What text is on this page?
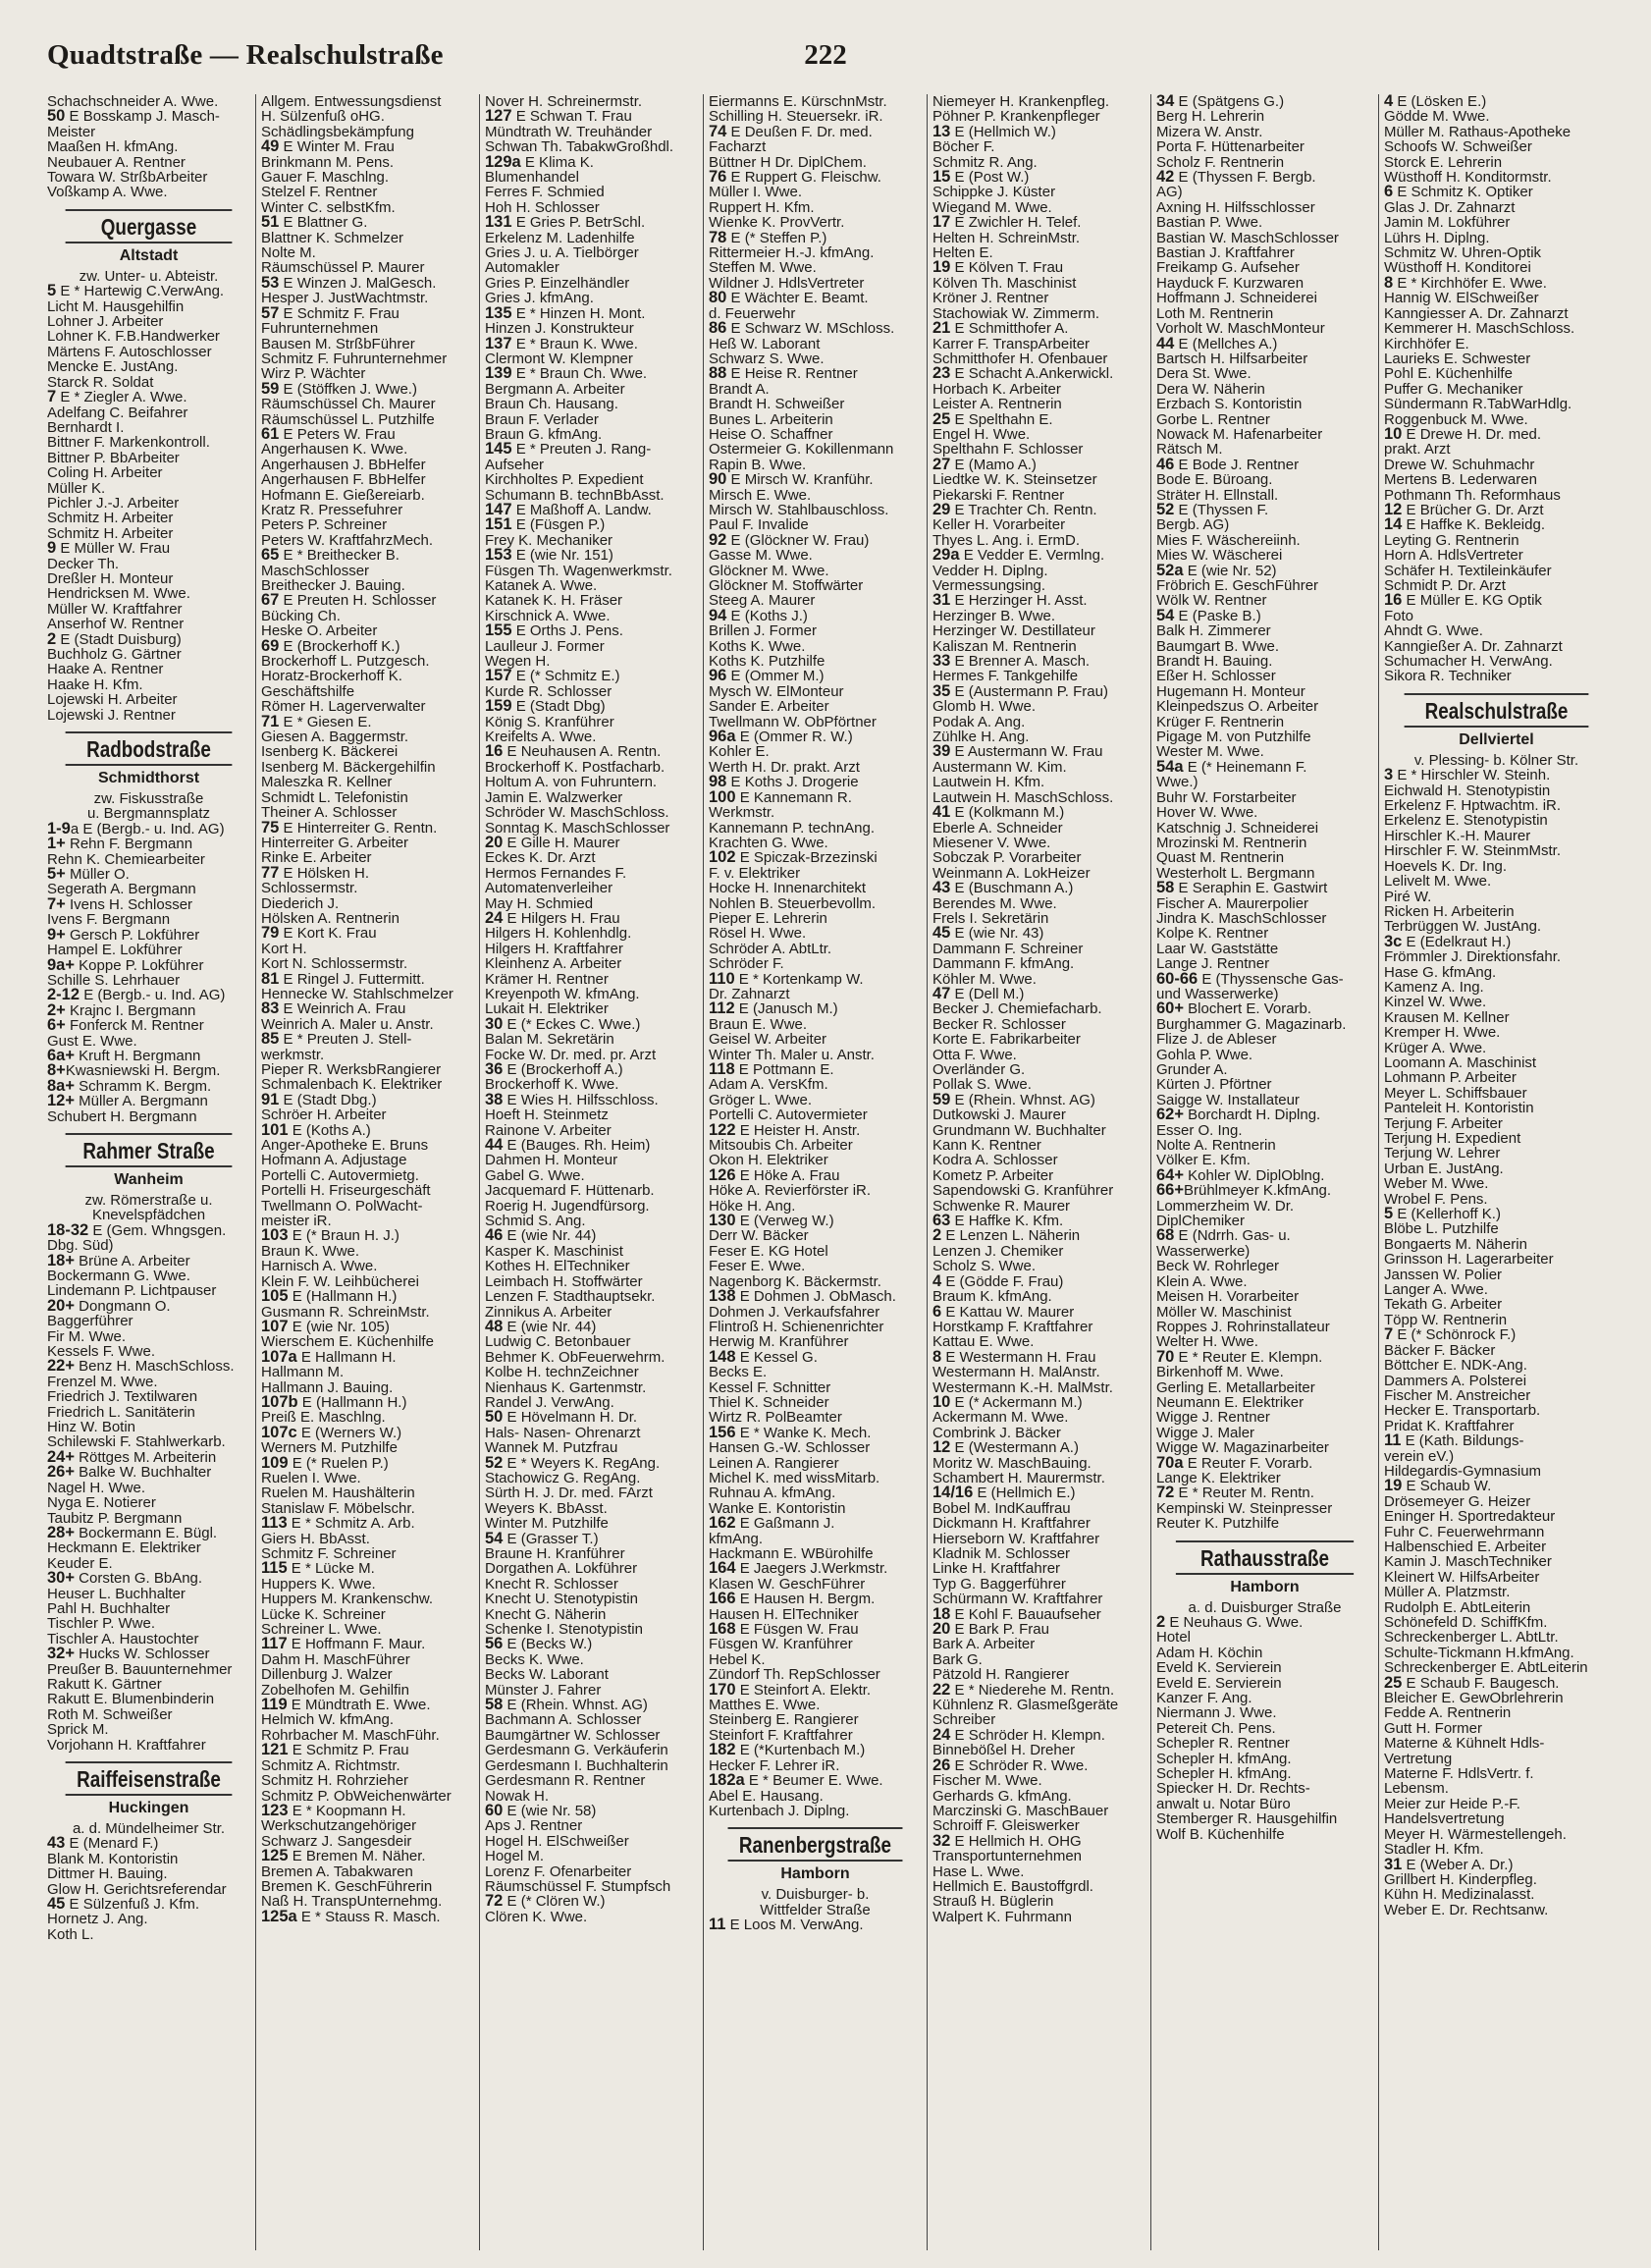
Quadtstraße — Realschulstraße	222
Schachschneider A. Wwe.
50 E Bosskamp J. Masch-
Meister
Maaßen H. kfmAng.
Neubauer A. Rentner
Towara W. StrßbArbeiter
Voßkamp A. Wwe.
Quergasse
Altstadt
zw. Unter- u. Abteistr.
5 E * Hartewig C.VerwAng.
Licht M. Hausgehilfin
Lohner J. Arbeiter
Lohner K. F.B.Handwerker
Märtens F. Autoschlosser
Mencke E. JustAng.
Starck R. Soldat
7 E * Ziegler A. Wwe.
Adelfang C. Beifahrer
Bernhardt I.
Bittner F. Markenkontroll.
Bittner P. BbArbeiter
Coling H. Arbeiter
Müller K.
Pichler J.-J. Arbeiter
Schmitz H. Arbeiter
Schmitz H. Arbeiter
9 E Müller W. Frau
Decker Th.
Dreßler H. Monteur
Hendricksen M. Wwe.
Müller W. Kraftfahrer
Anserhof W. Rentner
2 E (Stadt Duisburg)
Buchholz G. Gärtner
Haake A. Rentner
Haake H. Kfm.
Lojewski H. Arbeiter
Lojewski J. Rentner
Radbodstraße
Schmidthorst
zw. Fiskusstraße
u. Bergmannsplatz
1-9a E (Bergb.- u. Ind. AG)
1+ Rehn F. Bergmann
Rehn K. Chemiearbeiter
5+ Müller O.
Segerath A. Bergmann
7+ Ivens H. Schlosser
Ivens F. Bergmann
9+ Gersch P. Lokführer
Hampel E. Lokführer
9a+ Koppe P. Lokführer
Schille S. Lehrhauer
2-12 E (Bergb.- u. Ind. AG)
2+ Krajnc I. Bergmann
6+ Fonferck M. Rentner
Gust E. Wwe.
6a+ Kruft H. Bergmann
8+Kwasniewski H. Bergm.
8a+ Schramm K. Bergm.
12+ Müller A. Bergmann
Schubert H. Bergmann
Rahmer Straße
Wanheim
zw. Römerstraße u.
Knevelspfädchen
18-32 E (Gem. Whngsgen.
Dbg. Süd)
18+ Brüne A. Arbeiter
Bockermann G. Wwe.
Lindemann P. Lichtpauser
20+ Dongmann O.
Baggerführer
Fir M. Wwe.
Kessels F. Wwe.
22+ Benz H. MaschSchloss.
Frenzel M. Wwe.
Friedrich J. Textilwaren
Friedrich L. Sanitäterin
Hinz W. Botin
Schilewski F. Stahlwerkarb.
24+ Röttges M. Arbeiterin
26+ Balke W. Buchhalter
Nagel H. Wwe.
Nyga E. Notierer
Taubitz P. Bergmann
28+ Bockermann E. Bügl.
Heckmann E. Elektriker
Keuder E.
30+ Corsten G. BbAng.
Heuser L. Buchhalter
Pahl H. Buchhalter
Tischler P. Wwe.
Tischler A. Haustochter
32+ Hucks W. Schlosser
Preußer B. Bauunternehmer
Rakutt K. Gärtner
Rakutt E. Blumenbinderin
Roth M. Schweißer
Sprick M.
Vorjohann H. Kraftfahrer
Raiffeisenstraße
Huckingen
a. d. Mündelheimer Str.
43 E (Menard F.)
Blank M. Kontoristin
Dittmer H. Bauing.
Glow H. Gerichtsreferendar
45 E Sülzenfuß J. Kfm.
Hornetz J. Ang.
Koth L.
Allgem. Entwessungsdienst
H. Sülzenfuß oHG.
Schädlingsbekämpfung
49 E Winter M. Frau
Brinkmann M. Pens.
Gauer F. Maschlng.
Stelzel F. Rentner
Winter C. selbstKfm.
51 E Blattner G.
Blattner K. Schmelzer
Nolte M.
Räumschüssel P. Maurer
53 E Winzen J. MalGesch.
Hesper J. JustWachtmstr.
57 E Schmitz F. Frau
Fuhrunternehmen
Bausen M. StrßbFührer
Schmitz F. Fuhrunternehmer
Wirz P. Wächter
59 E (Stöffken J. Wwe.)
Räumschüssel Ch. Maurer
Räumschüssel L. Putzhilfe
61 E Peters W. Frau
Angerhausen K. Wwe.
Angerhausen J. BbHelfer
Angerhausen F. BbHelfer
Hofmann E. Gießereiarb.
Kratz R. Pressefuhrer
Peters P. Schreiner
Peters W. KraftfahrzMech.
65 E * Breithecker B.
MaschSchlosser
Breithecker J. Bauing.
67 E Preuten H. Schlosser
Bücking Ch.
Heske O. Arbeiter
69 E (Brockerhoff K.)
Brockerhoff L. Putzgesch.
Horatz-Brockerhoff K.
Geschäftshilfe
Römer H. Lagerverwalter
71 E * Giesen E.
Giesen A. Baggermstr.
Isenberg K. Bäckerei
Isenberg M. Bäckergehilfin
Maleszka R. Kellner
Schmidt L. Telefonistin
Theiner A. Schlosser
75 E Hinterreiter G. Rentn.
Hinterreiter G. Arbeiter
Rinke E. Arbeiter
77 E Hölsken H.
Schlossermstr.
Diederich J.
Hölsken A. Rentnerin
79 E Kort K. Frau
Kort H.
Kort N. Schlossermstr.
81 E Ringel J. Futtermitt.
Hennecke W. Stahlschmelzer
83 E Weinrich A. Frau
Weinrich A. Maler u. Anstr.
85 E * Preuten J. Stell-
werkmstr.
Pieper R. WerksbRangierer
Schmalenbach K. Elektriker
91 E (Stadt Dbg.)
Schröer H. Arbeiter
101 E (Koths A.)
Anger-Apotheke E. Bruns
Hofmann A. Adjustage
Portelli C. Autovermietg.
Portelli H. Friseurgeschäft
Twellmann O. PolWacht-
meister iR.
103 E (* Braun H. J.)
Braun K. Wwe.
Harnisch A. Wwe.
Klein F. W. Leihbücherei
105 E (Hallmann H.)
Gusmann R. SchreinMstr.
107 E (wie Nr. 105)
Wierschem E. Küchenhilfe
107a E Hallmann H.
Hallmann M.
Hallmann J. Bauing.
107b E (Hallmann H.)
Preiß E. Maschlng.
107c E (Werners W.)
Werners M. Putzhilfe
109 E (* Ruelen P.)
Ruelen I. Wwe.
Ruelen M. Haushälterin
Stanislaw F. Möbelschr.
113 E * Schmitz A. Arb.
Giers H. BbAsst.
Schmitz F. Schreiner
115 E * Lücke M.
Huppers K. Wwe.
Huppers M. Krankenschw.
Lücke K. Schreiner
Schreiner L. Wwe.
117 E Hoffmann F. Maur.
Dahm H. MaschFührer
Dillenburg J. Walzer
Zobelhofen M. Gehilfin
119 E Mündtrath E. Wwe.
Helmich W. kfmAng.
Rohrbacher M. MaschFühr.
121 E Schmitz P. Frau
Schmitz A. Richtmstr.
Schmitz H. Rohrzieher
Schmitz P. ObWeichenwärter
123 E * Koopmann H.
Werkschutzangehöriger
Schwarz J. Sangesdeir
125 E Bremen M. Näher.
Bremen A. Tabakwaren
Bremen K. GeschFührerin
Naß H. TranspUnternehmg.
125a E * Stauss R. Masch.
Nover H. Schreinermstr.
127 E Schwan T. Frau
Mündtrath W. Treuhänder
Schwan Th. TabakwGroßhdl.
129a E Klima K.
Blumenhandel
Ferres F. Schmied
Hoh H. Schlosser
131 E Gries P. BetrSchl.
Erkelenz M. Ladenhilfe
Gries J. u. A. Tielbörger
Automakler
Gries P. Einzelhändler
Gries J. kfmAng.
135 E * Hinzen H. Mont.
Hinzen J. Konstrukteur
137 E * Braun K. Wwe.
Clermont W. Klempner
139 E * Braun Ch. Wwe.
Bergmann A. Arbeiter
Braun Ch. Hausang.
Braun F. Verlader
Braun G. kfmAng.
145 E * Preuten J. Rang-
Aufseher
Kirchholtes P. Expedient
Schumann B. technBbAsst.
147 E Maßhoff A. Landw.
151 E (Füsgen P.)
Frey K. Mechaniker
153 E (wie Nr. 151)
Füsgen Th. Wagenwerkmstr.
Katanek A. Wwe.
Katanek K. H. Fräser
Kirschnick A. Wwe.
155 E Orths J. Pens.
Laulleur J. Former
Wegen H.
157 E (* Schmitz E.)
Kurde R. Schlosser
159 E (Stadt Dbg)
König S. Kranführer
Kreifelts A. Wwe.
16 E Neuhausen A. Rentn.
Brockerhoff K. Postfacharb.
Holtum A. von Fuhruntern.
Jamin E. Walzwerker
Schröder W. MaschSchloss.
Sonntag K. MaschSchlosser
20 E Gille H. Maurer
Eckes K. Dr. Arzt
Hermos Fernandes F.
Automatenverleiher
May H. Schmied
24 E Hilgers H. Frau
Hilgers H. Kohlenhdlg.
Hilgers H. Kraftfahrer
Kleinhenz A. Arbeiter
Krämer H. Rentner
Kreyenpoth W. kfmAng.
Lukait H. Elektriker
30 E (* Eckes C. Wwe.)
Balan M. Sekretärin
Focke W. Dr. med. pr. Arzt
36 E (Brockerhoff A.)
Brockerhoff K. Wwe.
38 E Wies H. Hilfsschloss.
Hoeft H. Steinmetz
Rainone V. Arbeiter
44 E (Bauges. Rh. Heim)
Dahmen H. Monteur
Gabel G. Wwe.
Jacquemard F. Hüttenarb.
Roerig H. Jugendfürsorg.
Schmid S. Ang.
46 E (wie Nr. 44)
Kasper K. Maschinist
Kothes H. ElTechniker
Leimbach H. Stoffwärter
Lenzen F. Stadthauptsekr.
Zinnikus A. Arbeiter
48 E (wie Nr. 44)
Ludwig C. Betonbauer
Behmer K. ObFeuerwehrm.
Kolbe H. technZeichner
Nienhaus K. Gartenmstr.
Randel J. VerwAng.
50 E Hövelmann H. Dr.
Hals- Nasen- Ohrenarzt
Wannek M. Putzfrau
52 E * Weyers K. RegAng.
Stachowicz G. RegAng.
Sürth H. J. Dr. med. FArzt
Weyers K. BbAsst.
Winter M. Putzhilfe
54 E (Grasser T.)
Braune H. Kranführer
Dorgathen A. Lokführer
Knecht R. Schlosser
Knecht U. Stenotypistin
Knecht G. Näherin
Schenke I. Stenotypistin
56 E (Becks W.)
Becks K. Wwe.
Becks W. Laborant
Münster J. Fahrer
58 E (Rhein. Whnst. AG)
Bachmann A. Schlosser
Baumgärtner W. Schlosser
Gerdesmann G. Verkäuferin
Gerdesmann I. Buchhalterin
Gerdesmann R. Rentner
Nowak H.
60 E (wie Nr. 58)
Aps J. Rentner
Hogel H. ElSchweißer
Hogel M.
Lorenz F. Ofenarbeiter
Räumschüssel F. Stumpfsch
72 E (* Clören W.)
Clören K. Wwe.
Eiermanns E. KürschnMstr.
Schilling H. Steuersekr. iR.
74 E Deußen F. Dr. med.
Facharzt
Büttner H Dr. DiplChem.
76 E Ruppert G. Fleischw.
Müller I. Wwe.
Ruppert H. Kfm.
Wienke K. ProvVertr.
78 E (* Steffen P.)
Rittermeier H.-J. kfmAng.
Steffen M. Wwe.
Wildner J. HdlsVertreter
80 E Wächter E. Beamt.
d. Feuerwehr
86 E Schwarz W. MSchloss.
Heß W. Laborant
Schwarz S. Wwe.
88 E Heise R. Rentner
Brandt A.
Brandt H. Schweißer
Bunes L. Arbeiterin
Heise O. Schaffner
Ostermeier G. Kokillenmann
Rapin B. Wwe.
90 E Mirsch W. Kranführ.
Mirsch E. Wwe.
Mirsch W. Stahlbauschloss.
Paul F. Invalide
92 E (Glöckner W. Frau)
Gasse M. Wwe.
Glöckner M. Wwe.
Glöckner M. Stoffwärter
Steeg A. Maurer
94 E (Koths J.)
Brillen J. Former
Koths K. Wwe.
Koths K. Putzhilfe
96 E (Ommer M.)
Mysch W. ElMonteur
Sander E. Arbeiter
Twellmann W. ObPförtner
96a E (Ommer R. W.)
Kohler E.
Werth H. Dr. prakt. Arzt
98 E Koths J. Drogerie
100 E Kannemann R.
Werkmstr.
Kannemann P. technAng.
Krachten G. Wwe.
102 E Spiczak-Brzezinski
F. v. Elektriker
Hocke H. Innenarchitekt
Nohlen B. Steuerbevollm.
Pieper E. Lehrerin
Rösel H. Wwe.
Schröder A. AbtLtr.
Schröder F.
110 E * Kortenkamp W.
Dr. Zahnarzt
112 E (Janusch M.)
Braun E. Wwe.
Geisel W. Arbeiter
Winter Th. Maler u. Anstr.
118 E Pottmann E.
Adam A. VersKfm.
Gröger L. Wwe.
Portelli C. Autovermieter
122 E Heister H. Anstr.
Mitsoubis Ch. Arbeiter
Okon H. Elektriker
126 E Höke A. Frau
Höke A. Revierförster iR.
Höke H. Ang.
130 E (Verweg W.)
Derr W. Bäcker
Feser E. KG Hotel
Feser E. Wwe.
Nagenborg K. Bäckermstr.
138 E Dohmen J. ObMasch.
Dohmen J. Verkaufsfahrer
Flintroß H. Schienenrichter
Herwig M. Kranführer
148 E Kessel G.
Becks E.
Kessel F. Schnitter
Thiel K. Schneider
Wirtz R. PolBeamter
156 E * Wanke K. Mech.
Hansen G.-W. Schlosser
Leinen A. Rangierer
Michel K. med wissMitarb.
Ruhnau A. kfmAng.
Wanke E. Kontoristin
162 E Gaßmann J.
kfmAng.
Hackmann E. WBürohilfe
164 E Jaegers J.Werkmstr.
Klasen W. GeschFührer
166 E Hausen H. Bergm.
Hausen H. ElTechniker
168 E Füsgen W. Frau
Füsgen W. Kranführer
Hebel K.
Zündorf Th. RepSchlosser
170 E Steinfort A. Elektr.
Matthes E. Wwe.
Steinberg E. Rangierer
Steinfort F. Kraftfahrer
182 E (*Kurtenbach M.)
Hecker F. Lehrer iR.
182a E * Beumer E. Wwe.
Abel E. Hausang.
Kurtenbach J. Diplng.
Ranenbergstraße
Hamborn
v. Duisburger- b.
Wittfelder Straße
11 E Loos M. VerwAng.
Niemeyer H. Krankenpfleg.
Pöhner P. Krankenpfleger
13 E (Hellmich W.)
Böcher F.
Schmitz R. Ang.
15 E (Post W.)
Schippke J. Küster
Wiegand M. Wwe.
17 E Zwichler H. Telef.
Helten H. SchreinMstr.
Helten E.
19 E Kölven T. Frau
Kölven Th. Maschinist
Kröner J. Rentner
Stachowiak W. Zimmerm.
21 E Schmitthofer A.
Karrer F. TranspArbeiter
Schmitthofer H. Ofenbauer
23 E Schacht A.Ankerwickl.
Horbach K. Arbeiter
Leister A. Rentnerin
25 E Spelthahn E.
Engel H. Wwe.
Spelthahn F. Schlosser
27 E (Mamo A.)
Liedtke W. K. Steinsetzer
Piekarski F. Rentner
29 E Trachter Ch. Rentn.
Keller H. Vorarbeiter
Thyes L. Ang. i. ErmD.
29a E Vedder E. Vermlng.
Vedder H. Diplng.
Vermessungsing.
31 E Herzinger H. Asst.
Herzinger B. Wwe.
Herzinger W. Destillateur
Kaliszan M. Rentnerin
33 E Brenner A. Masch.
Hermes F. Tankgehilfe
35 E (Austermann P. Frau)
Glomb H. Wwe.
Podak A. Ang.
Zühlke H. Ang.
39 E Austermann W. Frau
Austermann W. Kim.
Lautwein H. Kfm.
Lautwein H. MaschSchloss.
41 E (Kolkmann M.)
Eberle A. Schneider
Miesener V. Wwe.
Sobczak P. Vorarbeiter
Weinmann A. LokHeizer
43 E (Buschmann A.)
Berendes M. Wwe.
Frels I. Sekretärin
45 E (wie Nr. 43)
Dammann F. Schreiner
Dammann F. kfmAng.
Köhler M. Wwe.
47 E (Dell M.)
Becker J. Chemiefacharb.
Becker R. Schlosser
Korte E. Fabrikarbeiter
Otta F. Wwe.
Overländer G.
Pollak S. Wwe.
59 E (Rhein. Whnst. AG)
Dutkowski J. Maurer
Grundmann W. Buchhalter
Kann K. Rentner
Kodra A. Schlosser
Kometz P. Arbeiter
Sapendowski G. Kranführer
Schwenke R. Maurer
63 E Haffke K. Kfm.
2 E Lenzen L. Näherin
Lenzen J. Chemiker
Scholz S. Wwe.
4 E (Gödde F. Frau)
Braum K. kfmAng.
6 E Kattau W. Maurer
Horstkamp F. Kraftfahrer
Kattau E. Wwe.
8 E Westermann H. Frau
Westermann H. MalAnstr.
Westermann K.-H. MalMstr.
10 E (* Ackermann M.)
Ackermann M. Wwe.
Combrink J. Bäcker
12 E (Westermann A.)
Moritz W. MaschBauing.
Schambert H. Maurermstr.
14/16 E (Hellmich E.)
Bobel M. IndKauffrau
Dickmann H. Kraftfahrer
Hierseborn W. Kraftfahrer
Kladnik M. Schlosser
Linke H. Kraftfahrer
Typ G. Baggerführer
Schürmann W. Kraftfahrer
18 E Kohl F. Bauaufseher
20 E Bark P. Frau
Bark A. Arbeiter
Bark G.
Pätzold H. Rangierer
22 E * Niederehe M. Rentn.
Kühnlenz R. Glasmeßgeräte
Schreiber
24 E Schröder H. Klempn.
Binnebößel H. Dreher
26 E Schröder R. Wwe.
Fischer M. Wwe.
Gerhards G. kfmAng.
Marczinski G. MaschBauer
Schroiff F. Gleiswerker
32 E Hellmich H. OHG
Transportunternehmen
Hase L. Wwe.
Hellmich E. Baustoffgrdl.
Strauß H. Büglerin
Walpert K. Fuhrmann
34 E (Spätgens G.)
Berg H. Lehrerin
Mizera W. Anstr.
Porta F. Hüttenarbeiter
Scholz F. Rentnerin
42 E (Thyssen F. Bergb.
AG)
Axning H. Hilfsschlosser
Bastian P. Wwe.
Bastian W. MaschSchlosser
Bastian J. Kraftfahrer
Freikamp G. Aufseher
Hayduck F. Kurzwaren
Hoffmann J. Schneiderei
Loth M. Rentnerin
Vorholt W. MaschMonteur
44 E (Mellches A.)
Bartsch H. Hilfsarbeiter
Dera St. Wwe.
Dera W. Näherin
Erzbach S. Kontoristin
Gorbe L. Rentner
Nowack M. Hafenarbeiter
Rätsch M.
46 E Bode J. Rentner
Bode E. Büroang.
Sträter H. Ellnstall.
52 E (Thyssen F.
Bergb. AG)
Mies F. Wäschereiinh.
Mies W. Wäscherei
52a E (wie Nr. 52)
Fröbrich E. GeschFührer
Wölk W. Rentner
54 E (Paske B.)
Balk H. Zimmerer
Baumgart B. Wwe.
Brandt H. Bauing.
Eßer H. Schlosser
Hugemann H. Monteur
Kleinpedszus O. Arbeiter
Krüger F. Rentnerin
Pigage M. von Putzhilfe
Wester M. Wwe.
54a E (* Heinemann F.
Wwe.)
Buhr W. Forstarbeiter
Hover W. Wwe.
Katschnig J. Schneiderei
Mrozinski M. Rentnerin
Quast M. Rentnerin
Westerholt L. Bergmann
58 E Seraphin E. Gastwirt
Fischer A. Maurerpolier
Jindra K. MaschSchlosser
Kolpe K. Rentner
Laar W. Gaststätte
Lange J. Rentner
60-66 E (Thyssensche Gas-
und Wasserwerke)
60+ Blochert E. Vorarb.
Burghammer G. Magazinarb.
Flize J. de Ableser
Gohla P. Wwe.
Grunder A.
Kürten J. Pförtner
Saigge W. Installateur
62+ Borchardt H. Diplng.
Esser O. Ing.
Nolte A. Rentnerin
Völker E. Kfm.
64+ Kohler W. DiplOblng.
66+Brühlmeyer K.kfmAng.
Lommerzheim W. Dr.
DiplChemiker
68 E (Ndrrh. Gas- u.
Wasserwerke)
Beck W. Rohrleger
Klein A. Wwe.
Meisen H. Vorarbeiter
Möller W. Maschinist
Roppes J. Rohrinstallateur
Welter H. Wwe.
70 E * Reuter E. Klempn.
Birkenhoff M. Wwe.
Gerling E. Metallarbeiter
Neumann E. Elektriker
Wigge J. Rentner
Wigge J. Maler
Wigge W. Magazinarbeiter
70a E Reuter F. Vorarb.
Lange K. Elektriker
72 E * Reuter M. Rentn.
Kempinski W. Steinpresser
Reuter K. Putzhilfe
Rathausstraße
Hamborn
a. d. Duisburger Straße
2 E Neuhaus G. Wwe.
Hotel
Adam H. Köchin
Eveld K. Servierein
Eveld E. Servierein
Kanzer F. Ang.
Niermann J. Wwe.
Petereit Ch. Pens.
Schepler R. Rentner
Schepler H. kfmAng.
Schepler H. kfmAng.
Spiecker H. Dr. Rechts-
anwalt u. Notar Büro
Stemberger R. Hausgehilfin
Wolf B. Küchenhilfe
4 E (Lösken E.)
Gödde M. Wwe.
Müller M. Rathaus-Apotheke
Schoofs W. Schweißer
Storck E. Lehrerin
Wüsthoff H. Konditormstr.
6 E Schmitz K. Optiker
Glas J. Dr. Zahnarzt
Jamin M. Lokführer
Lührs H. Diplng.
Schmitz W. Uhren-Optik
Wüsthoff H. Konditorei
8 E * Kirchhöfer E. Wwe.
Hannig W. ElSchweißer
Kanngiesser A. Dr. Zahnarzt
Kemmerer H. MaschSchloss.
Kirchhöfer E.
Laurieks E. Schwester
Pohl E. Küchenhilfe
Puffer G. Mechaniker
Sündermann R.TabWarHdlg.
Roggenbuck M. Wwe.
10 E Drewe H. Dr. med.
prakt. Arzt
Drewe W. Schuhmachr
Mertens B. Lederwaren
Pothmann Th. Reformhaus
12 E Brücher G. Dr. Arzt
14 E Haffke K. Bekleidg.
Leyting G. Rentnerin
Horn A. HdlsVertreter
Schäfer H. Textileinkäufer
Schmidt P. Dr. Arzt
16 E Müller E. KG Optik
Foto
Ahndt G. Wwe.
Kanngießer A. Dr. Zahnarzt
Schumacher H. VerwAng.
Sikora R. Techniker
Realschulstraße
Dellviertel
v. Plessing- b. Kölner Str.
3 E * Hirschler W. Steinh.
Eichwald H. Stenotypistin
Erkelenz F. Hptwachtm. iR.
Erkelenz E. Stenotypistin
Hirschler K.-H. Maurer
Hirschler F. W. SteinmMstr.
Hoevels K. Dr. Ing.
Lelivelt M. Wwe.
Piré W.
Ricken H. Arbeiterin
Terbrüggen W. JustAng.
3c E (Edelkraut H.)
Frömmler J. Direktionsfahr.
Hase G. kfmAng.
Kamenz A. Ing.
Kinzel W. Wwe.
Krausen M. Kellner
Kremper H. Wwe.
Krüger A. Wwe.
Loomann A. Maschinist
Lohmann P. Arbeiter
Meyer L. Schiffsbauer
Panteleit H. Kontoristin
Terjung F. Arbeiter
Terjung H. Expedient
Terjung W. Lehrer
Urban E. JustAng.
Weber M. Wwe.
Wrobel F. Pens.
5 E (Kellerhoff K.)
Blöbe L. Putzhilfe
Bongaerts M. Näherin
Grinsson H. Lagerarbeiter
Janssen W. Polier
Langer A. Wwe.
Tekath G. Arbeiter
Töpp W. Rentnerin
7 E (* Schönrock F.)
Bäcker F. Bäcker
Böttcher E. NDK-Ang.
Dammers A. Polsterei
Fischer M. Anstreicher
Hecker E. Transportarb.
Pridat K. Kraftfahrer
11 E (Kath. Bildungs-
verein eV.)
Hildegardis-Gymnasium
19 E Schaub W.
Drösemeyer G. Heizer
Eninger H. Sportredakteur
Fuhr C. Feuerwehrmann
Halbenschied E. Arbeiter
Kamin J. MaschTechniker
Kleinert W. HilfsArbeiter
Müller A. Platzmstr.
Rudolph E. AbtLeiterin
Schönefeld D. SchiffKfm.
Schreckenberger L. AbtLtr.
Schulte-Tickmann H.kfmAng.
Schreckenberger E. AbtLeiterin
25 E Schaub F. Baugesch.
Bleicher E. GewObrlehrerin
Fedde A. Rentnerin
Gutt H. Former
Materne & Kühnelt Hdls-
Vertretung
Materne F. HdlsVertr. f.
Lebensm.
Meier zur Heide P.-F.
Handelsvertretung
Meyer H. Wärmestellengeh.
Stadler H. Kfm.
31 E (Weber A. Dr.)
Grillbert H. Kinderpfleg.
Kühn H. Medizinalasst.
Weber E. Dr. Rechtsanw.
